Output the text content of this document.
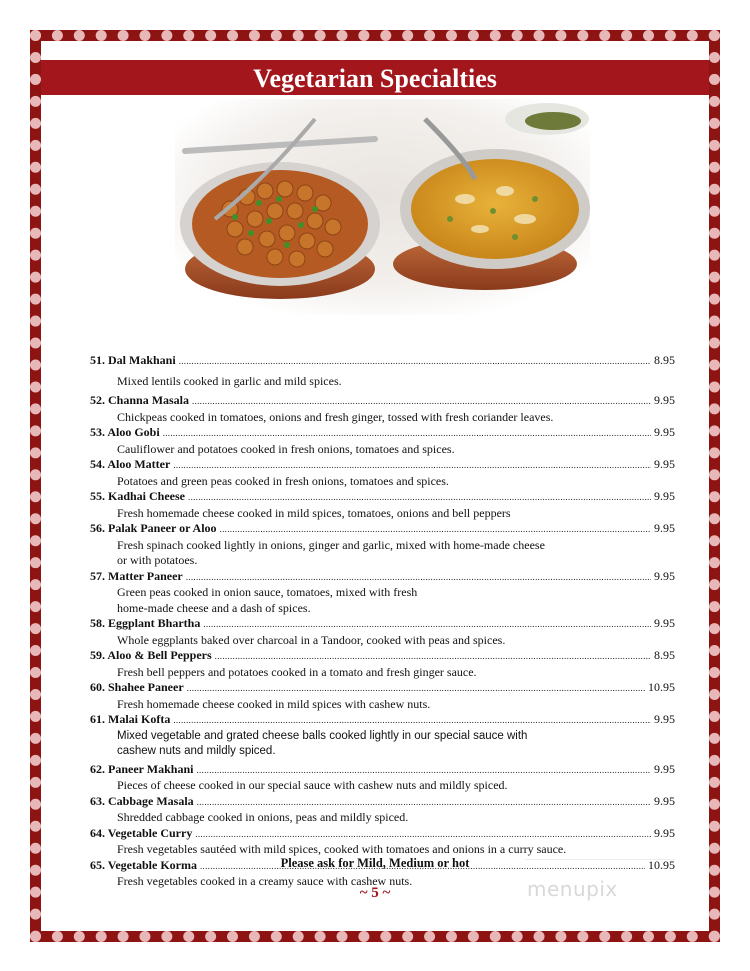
Vegetarian Specialties
51. Dal Makhani .....	8.95
Mixed lentils cooked in garlic and mild spices.
52. Channa Masala .....	9.95
Chickpeas cooked in tomatoes, onions and fresh ginger, tossed with fresh coriander leaves.
53. Aloo Gobi .....	9.95
Cauliflower and potatoes cooked in fresh onions, tomatoes and spices.
54. Aloo Matter .....	9.95
Potatoes and green peas cooked in fresh onions, tomatoes and spices.
55. Kadhai Cheese .....	9.95
Fresh homemade cheese cooked in mild spices, tomatoes, onions and bell peppers
56. Palak Paneer or Aloo .....	9.95
Fresh spinach cooked lightly in onions, ginger and garlic, mixed with home-made cheese
or with potatoes.
57. Matter Paneer .....	9.95
Green peas cooked in onion sauce, tomatoes, mixed with fresh
home-made cheese and a dash of spices.
58. Eggplant Bhartha .....	9.95
Whole eggplants baked over charcoal in a Tandoor, cooked with peas and spices.
59. Aloo & Bell Peppers .....	8.95
Fresh bell peppers and potatoes cooked in a tomato and fresh ginger sauce.
60. Shahee Paneer .....	10.95
Fresh homemade cheese cooked in mild spices with cashew nuts.
61. Malai Kofta .....	9.95
Mixed vegetable and grated cheese balls cooked lightly in our special sauce with
cashew nuts and mildly spiced.
62. Paneer Makhani .....	9.95
Pieces of cheese cooked in our special sauce with cashew nuts and mildly spiced.
63. Cabbage Masala .....	9.95
Shredded cabbage cooked in onions, peas and mildly spiced.
64. Vegetable Curry .....	9.95
Fresh vegetables sautéed with mild spices, cooked with tomatoes and onions in a curry sauce.
65. Vegetable Korma .....	10.95
Fresh vegetables cooked in a creamy sauce with cashew nuts.
Please ask for Mild, Medium or hot
~ 5 ~	menupix
